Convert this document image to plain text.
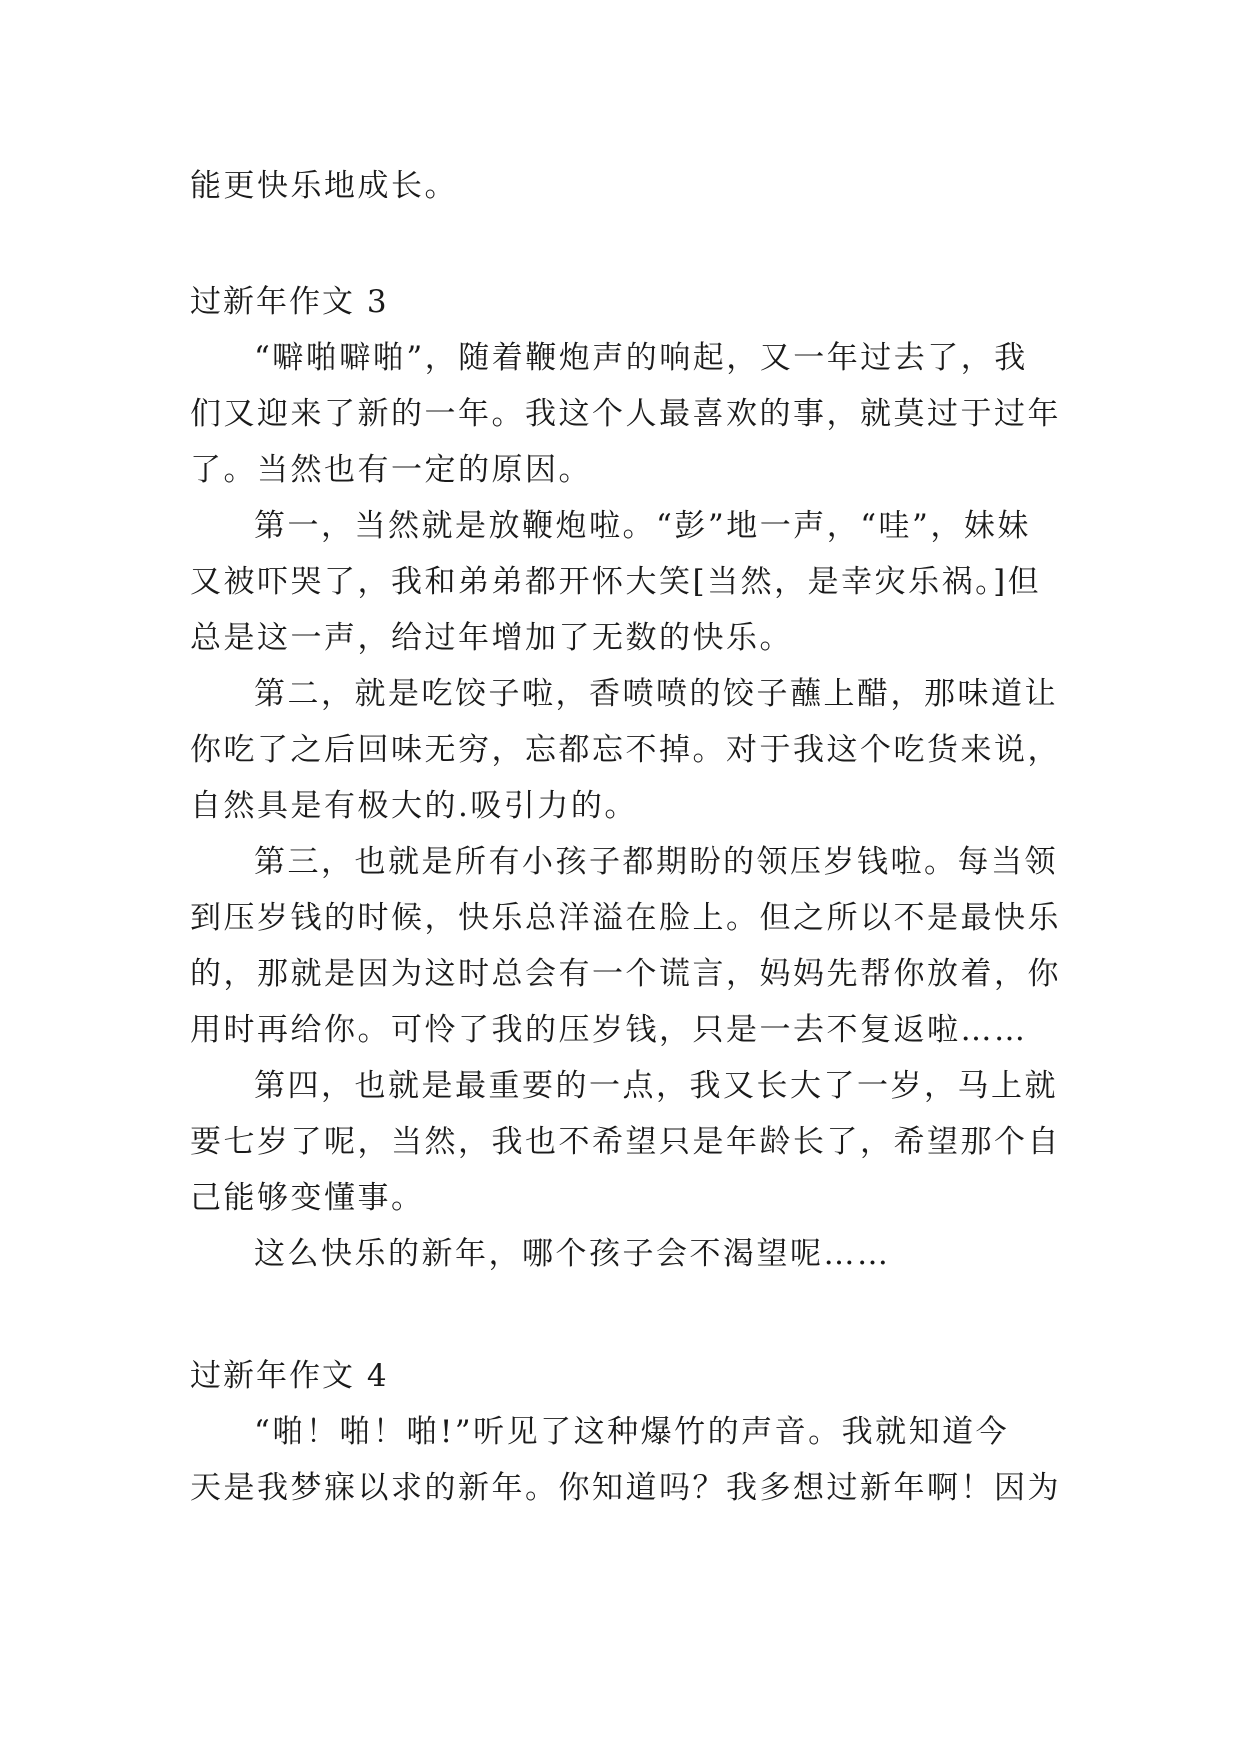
能更快乐地成长。
过新年作文 3
“噼啪噼啪”，随着鞭炮声的响起，又一年过去了，我
们又迎来了新的一年。我这个人最喜欢的事，就莫过于过年
了。当然也有一定的原因。
第一，当然就是放鞭炮啦。“彭”地一声，“哇”，妹妹
又被吓哭了，我和弟弟都开怀大笑[当然，是幸灾乐祸。]但
总是这一声，给过年增加了无数的快乐。
第二，就是吃饺子啦，香喷喷的饺子蘸上醋，那味道让
你吃了之后回味无穷，忘都忘不掉。对于我这个吃货来说，
自然具是有极大的.吸引力的。
第三，也就是所有小孩子都期盼的领压岁钱啦。每当领
到压岁钱的时候，快乐总洋溢在脸上。但之所以不是最快乐
的，那就是因为这时总会有一个谎言，妈妈先帮你放着，你
用时再给你。可怜了我的压岁钱，只是一去不复返啦……
第四，也就是最重要的一点，我又长大了一岁，马上就
要七岁了呢，当然，我也不希望只是年龄长了，希望那个自
己能够变懂事。
这么快乐的新年，哪个孩子会不渴望呢……
过新年作文 4
“啪！啪！啪!”听见了这种爆竹的声音。我就知道今
天是我梦寐以求的新年。你知道吗？我多想过新年啊！因为
